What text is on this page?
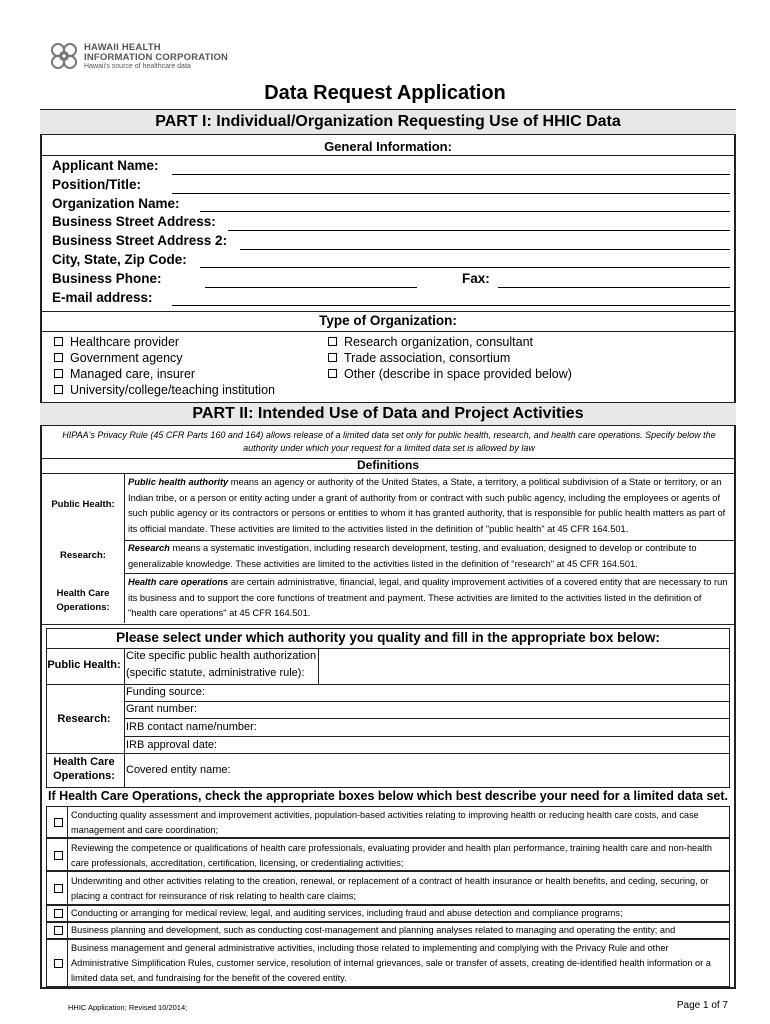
HAWAII HEALTH
INFORMATION CORPORATION
Hawaii's source of healthcare data
Data Request Application
PART I: Individual/Organization Requesting Use of HHIC Data
General Information:
Applicant Name:
Position/Title:
Organization Name:
Business Street Address:
Business Street Address 2:
City, State, Zip Code:
Business Phone:	Fax:
E-mail address:
Type of Organization:
Healthcare provider
Government agency
Managed care, insurer
University/college/teaching institution
Research organization, consultant
Trade association, consortium
Other (describe in space provided below)
PART II: Intended Use of Data and Project Activities
HIPAA's Privacy Rule (45 CFR Parts 160 and 164) allows release of a limited data set only for public health, research, and health care operations. Specify below the authority under which your request for a limited data set is allowed by law
Definitions
Public Health:
Public health authority means an agency or authority of the United States, a State, a territory, a political subdivision of a State or territory, or an Indian tribe, or a person or entity acting under a grant of authority from or contract with such public agency, including the employees or agents of such public agency or its contractors or persons or entities to whom it has granted authority, that is responsible for public health matters as part of its official mandate. These activities are limited to the activities listed in the definition of "public health" at 45 CFR 164.501.
Research:
Research means a systematic investigation, including research development, testing, and evaluation, designed to develop or contribute to generalizable knowledge. These activities are limited to the activities listed in the definition of "research" at 45 CFR 164.501.
Health Care Operations:
Health care operations are certain administrative, financial, legal, and quality improvement activities of a covered entity that are necessary to run its business and to support the core functions of treatment and payment. These activities are limited to the activities listed in the definition of "health care operations" at 45 CFR 164.501.
Please select under which authority you quality and fill in the appropriate box below:
Public Health:
Cite specific public health authorization
(specific statute, administrative rule):
Research:
Funding source:
Grant number:
IRB contact name/number:
IRB approval date:
Health Care Operations:	Covered entity name:
If Health Care Operations, check the appropriate boxes below which best describe your need for a limited data set.
Conducting quality assessment and improvement activities, population-based activities relating to improving health or reducing health care costs, and case management and care coordination;
Reviewing the competence or qualifications of health care professionals, evaluating provider and health plan performance, training health care and non-health care professionals, accreditation, certification, licensing, or credentialing activities;
Underwriting and other activities relating to the creation, renewal, or replacement of a contract of health insurance or health benefits, and ceding, securing, or placing a contract for reinsurance of risk relating to health care claims;
Conducting or arranging for medical review, legal, and auditing services, including fraud and abuse detection and compliance programs;
Business planning and development, such as conducting cost-management and planning analyses related to managing and operating the entity; and
Business management and general administrative activities, including those related to implementing and complying with the Privacy Rule and other Administrative Simplification Rules, customer service, resolution of internal grievances, sale or transfer of assets, creating de-identified health information or a limited data set, and fundraising for the benefit of the covered entity.
HHIC Application; Revised 10/2014;	Page 1 of 7
